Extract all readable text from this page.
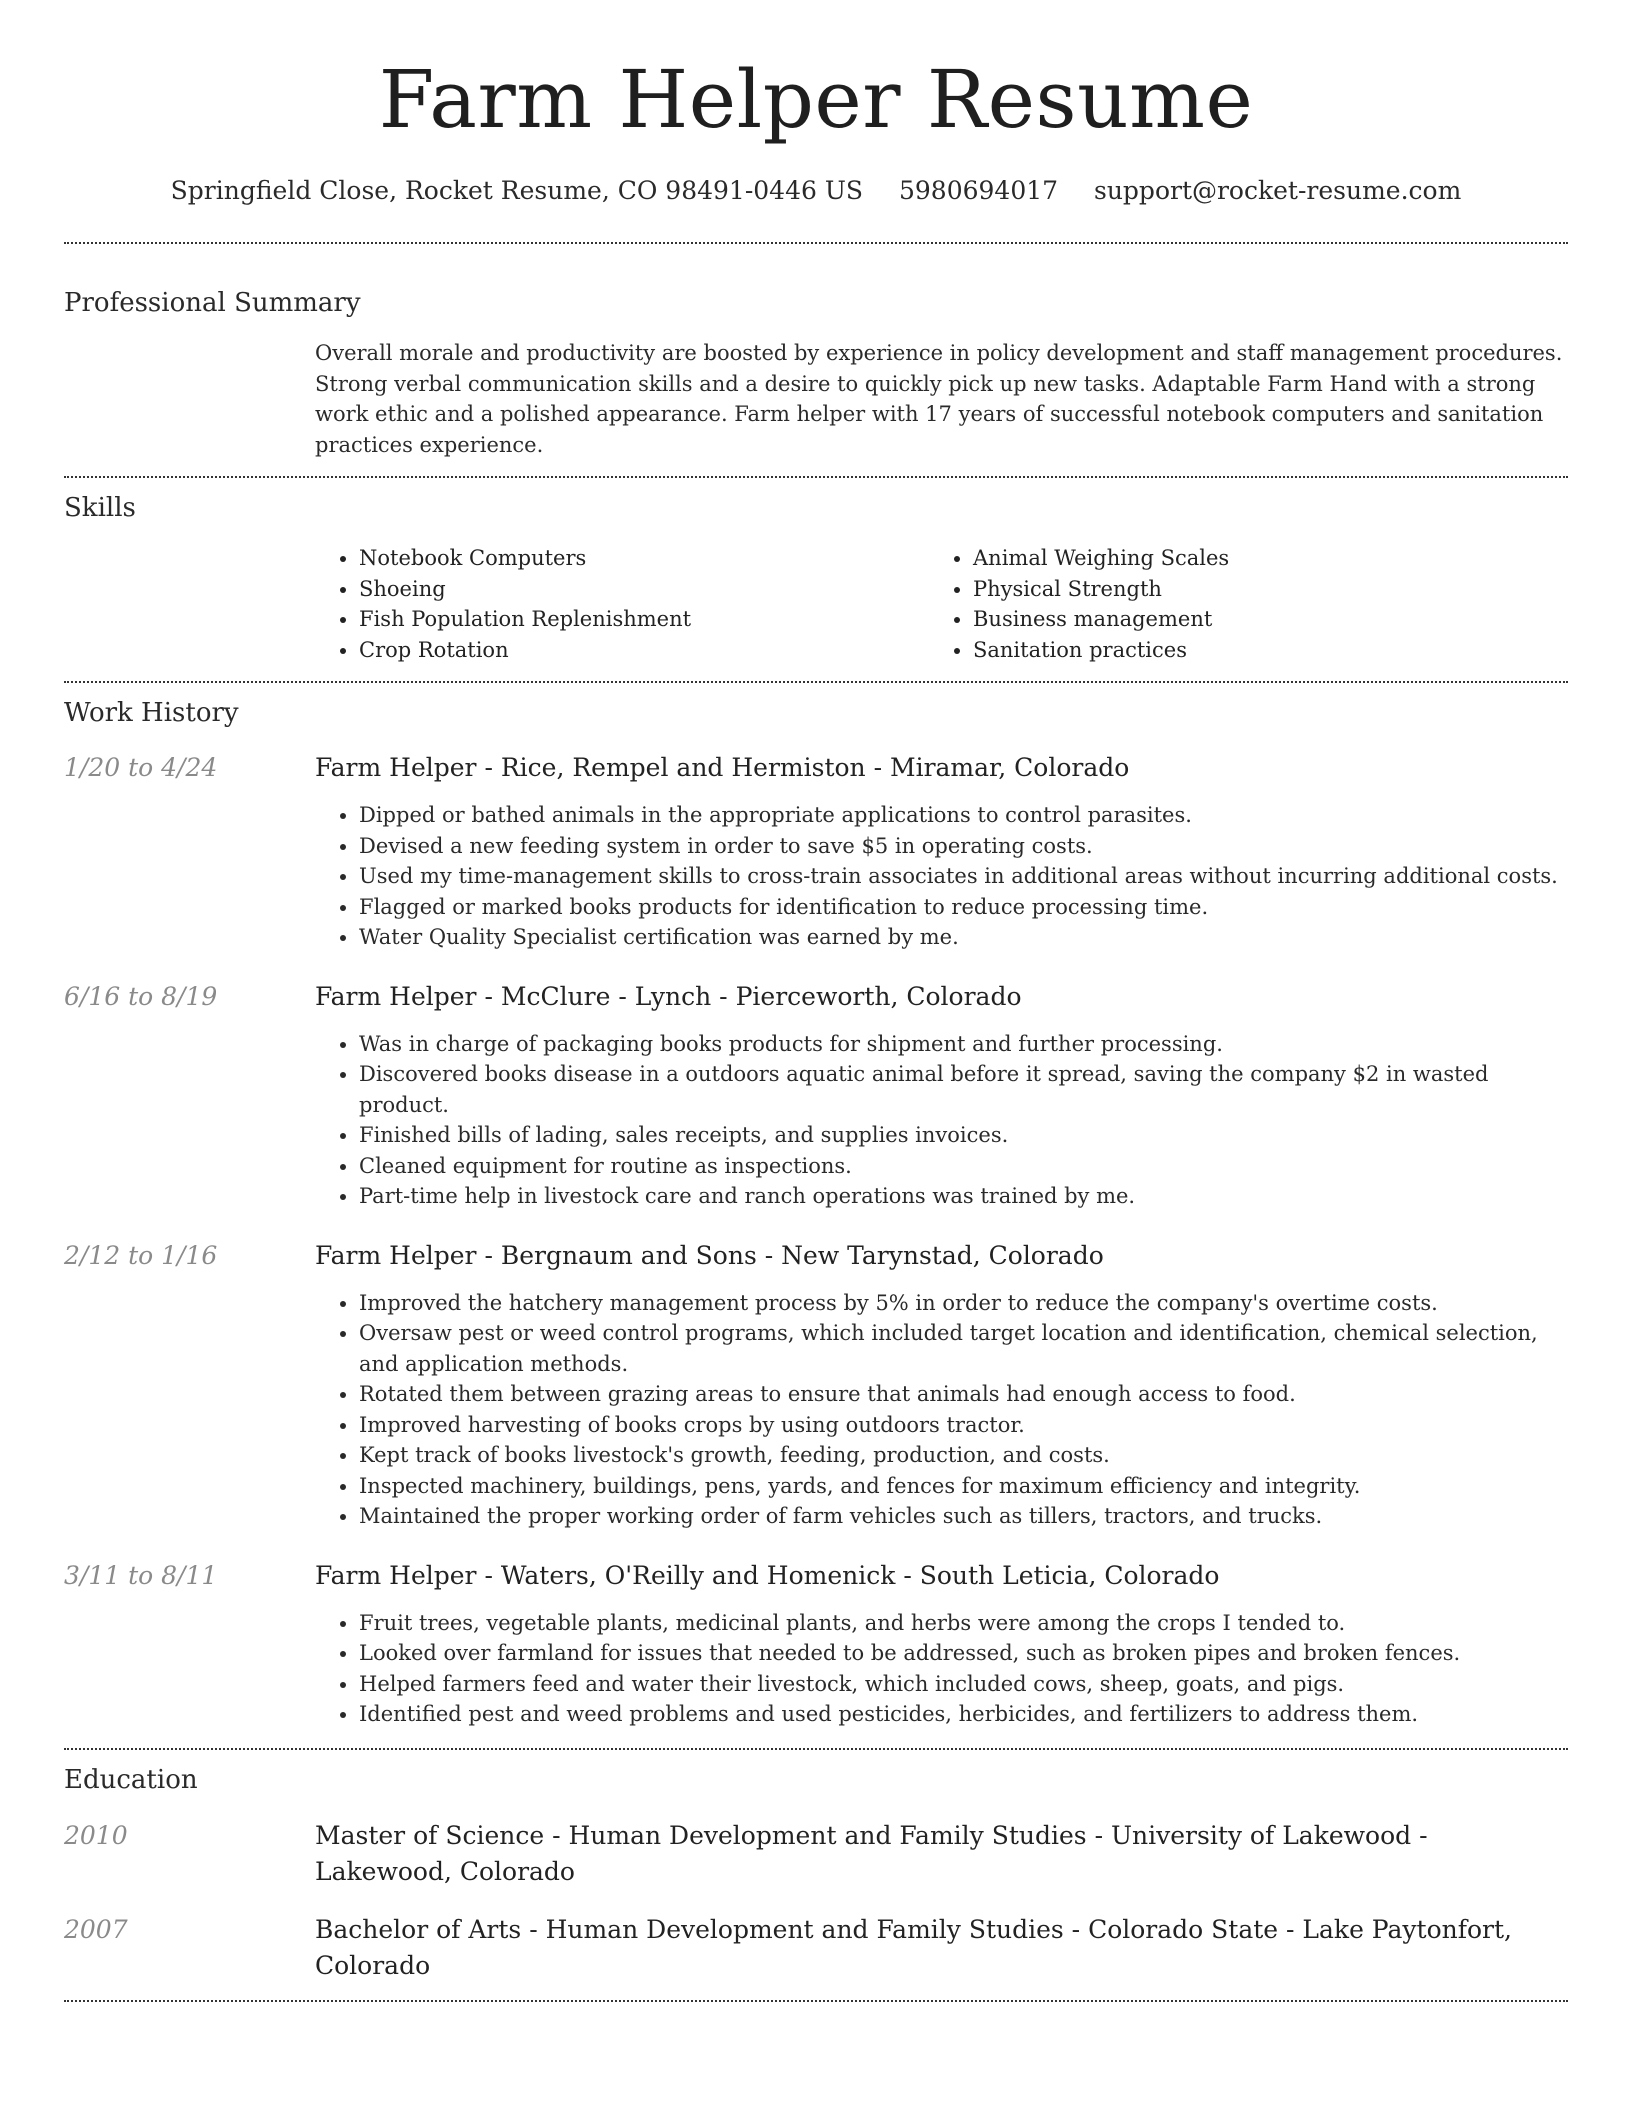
Farm Helper Resume
Springfield Close, Rocket Resume, CO 98491-0446 US 5980694017 support@rocket-resume.com
Professional Summary
Overall morale and productivity are boosted by experience in policy development and staff management procedures. Strong verbal communication skills and a desire to quickly pick up new tasks. Adaptable Farm Hand with a strong work ethic and a polished appearance. Farm helper with 17 years of successful notebook computers and sanitation practices experience.
Skills
• Notebook Computers
• Shoeing
• Fish Population Replenishment
• Crop Rotation
• Animal Weighing Scales
• Physical Strength
• Business management
• Sanitation practices
Work History
1/20 to 4/24	Farm Helper - Rice, Rempel and Hermiston - Miramar, Colorado
• Dipped or bathed animals in the appropriate applications to control parasites.
• Devised a new feeding system in order to save $5 in operating costs.
• Used my time-management skills to cross-train associates in additional areas without incurring additional costs.
• Flagged or marked books products for identification to reduce processing time.
• Water Quality Specialist certification was earned by me.
6/16 to 8/19	Farm Helper - McClure - Lynch - Pierceworth, Colorado
• Was in charge of packaging books products for shipment and further processing.
• Discovered books disease in a outdoors aquatic animal before it spread, saving the company $2 in wasted product.
• Finished bills of lading, sales receipts, and supplies invoices.
• Cleaned equipment for routine as inspections.
• Part-time help in livestock care and ranch operations was trained by me.
2/12 to 1/16	Farm Helper - Bergnaum and Sons - New Tarynstad, Colorado
• Improved the hatchery management process by 5% in order to reduce the company's overtime costs.
• Oversaw pest or weed control programs, which included target location and identification, chemical selection, and application methods.
• Rotated them between grazing areas to ensure that animals had enough access to food.
• Improved harvesting of books crops by using outdoors tractor.
• Kept track of books livestock's growth, feeding, production, and costs.
• Inspected machinery, buildings, pens, yards, and fences for maximum efficiency and integrity.
• Maintained the proper working order of farm vehicles such as tillers, tractors, and trucks.
3/11 to 8/11	Farm Helper - Waters, O'Reilly and Homenick - South Leticia, Colorado
• Fruit trees, vegetable plants, medicinal plants, and herbs were among the crops I tended to.
• Looked over farmland for issues that needed to be addressed, such as broken pipes and broken fences.
• Helped farmers feed and water their livestock, which included cows, sheep, goats, and pigs.
• Identified pest and weed problems and used pesticides, herbicides, and fertilizers to address them.
Education
2010	Master of Science - Human Development and Family Studies - University of Lakewood - Lakewood, Colorado
2007	Bachelor of Arts - Human Development and Family Studies - Colorado State - Lake Paytonfort, Colorado
